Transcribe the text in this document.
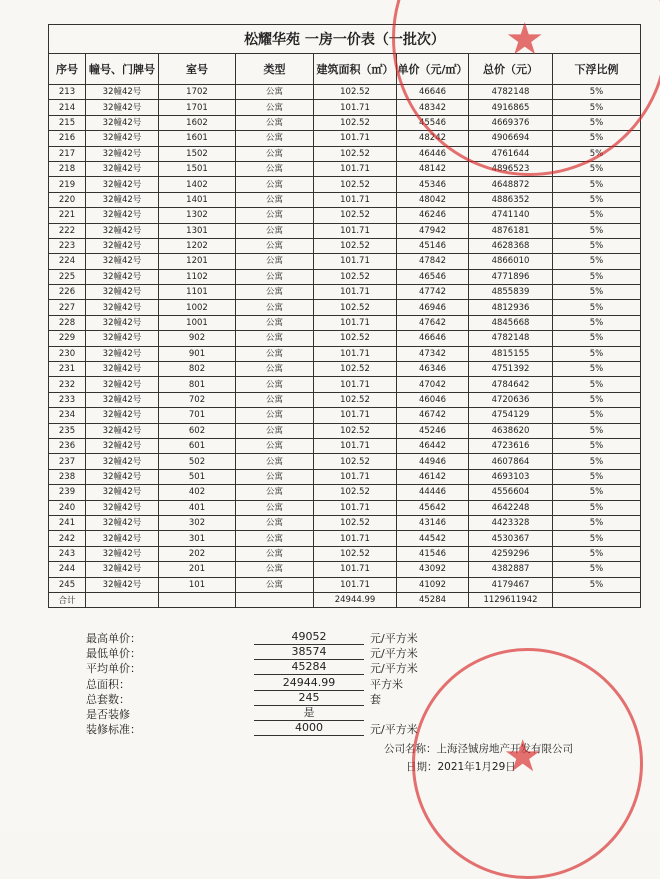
松耀华苑 一房一价表（一批次）							
序号	幢号、门牌号	室号	类型	建筑面积（㎡）	单价（元/㎡）	总价（元）	下浮比例
213	32幢42号	1702	公寓	102.52	46646	4782148	5%
214	32幢42号	1701	公寓	101.71	48342	4916865	5%
215	32幢42号	1602	公寓	102.52	45546	4669376	5%
216	32幢42号	1601	公寓	101.71	48242	4906694	5%
217	32幢42号	1502	公寓	102.52	46446	4761644	5%
218	32幢42号	1501	公寓	101.71	48142	4896523	5%
219	32幢42号	1402	公寓	102.52	45346	4648872	5%
220	32幢42号	1401	公寓	101.71	48042	4886352	5%
221	32幢42号	1302	公寓	102.52	46246	4741140	5%
222	32幢42号	1301	公寓	101.71	47942	4876181	5%
223	32幢42号	1202	公寓	102.52	45146	4628368	5%
224	32幢42号	1201	公寓	101.71	47842	4866010	5%
225	32幢42号	1102	公寓	102.52	46546	4771896	5%
226	32幢42号	1101	公寓	101.71	47742	4855839	5%
227	32幢42号	1002	公寓	102.52	46946	4812936	5%
228	32幢42号	1001	公寓	101.71	47642	4845668	5%
229	32幢42号	902	公寓	102.52	46646	4782148	5%
230	32幢42号	901	公寓	101.71	47342	4815155	5%
231	32幢42号	802	公寓	102.52	46346	4751392	5%
232	32幢42号	801	公寓	101.71	47042	4784642	5%
233	32幢42号	702	公寓	102.52	46046	4720636	5%
234	32幢42号	701	公寓	101.71	46742	4754129	5%
235	32幢42号	602	公寓	102.52	45246	4638620	5%
236	32幢42号	601	公寓	101.71	46442	4723616	5%
237	32幢42号	502	公寓	102.52	44946	4607864	5%
238	32幢42号	501	公寓	101.71	46142	4693103	5%
239	32幢42号	402	公寓	102.52	44446	4556604	5%
240	32幢42号	401	公寓	101.71	45642	4642248	5%
241	32幢42号	302	公寓	102.52	43146	4423328	5%
242	32幢42号	301	公寓	101.71	44542	4530367	5%
243	32幢42号	202	公寓	102.52	41546	4259296	5%
244	32幢42号	201	公寓	101.71	43092	4382887	5%
245	32幢42号	101	公寓	101.71	41092	4179467	5%
合计				24944.99	45284	1129611942	
最高单价：	49052	元/平方米
最低单价：	38574	元/平方米
平均单价：	45284	元/平方米
总面积：	24944.99	平方米
总套数：	245	套
是否装修	是
装修标准：	4000	元/平方米
公司名称：上海泾铖房地产开发有限公司
日期：2021年1月29日
★
★
